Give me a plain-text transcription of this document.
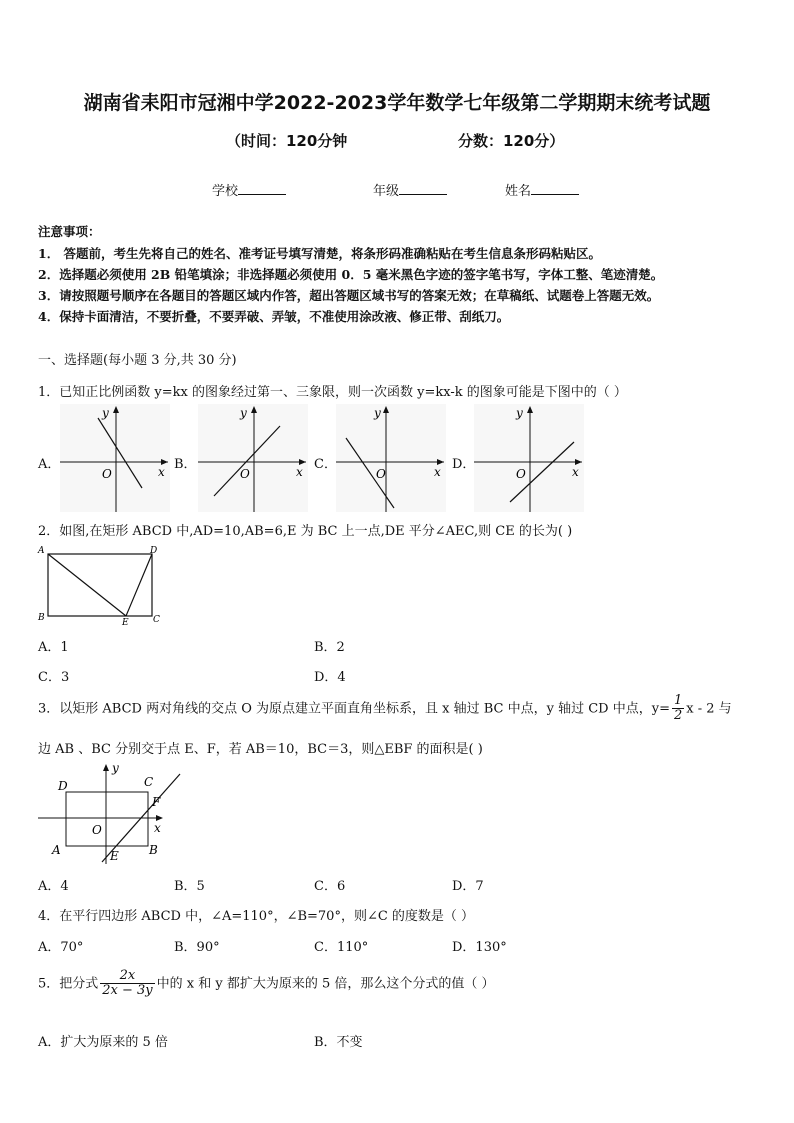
湖南省耒阳市冠湘中学2022-2023学年数学七年级第二学期期末统考试题
（时间：120分钟	分数：120分）
学校	年级	姓名
注意事项：
1． 答题前，考生先将自己的姓名、准考证号填写清楚，将条形码准确粘贴在考生信息条形码粘贴区。
2．选择题必须使用 2B 铅笔填涂；非选择题必须使用 0．5 毫米黑色字迹的签字笔书写，字体工整、笔迹清楚。
3．请按照题号顺序在各题目的答题区域内作答，超出答题区域书写的答案无效；在草稿纸、试题卷上答题无效。
4．保持卡面清洁，不要折叠，不要弄破、弄皱，不准使用涂改液、修正带、刮纸刀。
一、选择题(每小题 3 分,共 30 分)
1．已知正比例函数 y=kx 的图象经过第一、三象限，则一次函数 y=kx-k 的图象可能是下图中的（ ）
A．	B．	C．	D．
y
x
O
y
x
O
y
x
O
y
x
O
2．如图,在矩形 ABCD 中,AD=10,AB=6,E 为 BC 上一点,DE 平分∠AEC,则 CE 的长为( )
A	D
B	C
E
A．1	B．2
C．3	D．4
3．以矩形 ABCD 两对角线的交点 O 为原点建立平面直角坐标系，且 x 轴过 BC 中点，y 轴过 CD 中点，$y= \frac{1}{2}$ x - 2 与
边 AB 、BC 分别交于点 E、F，若 AB＝10，BC＝3，则△EBF 的面积是( )
y
x
O
D	C
F
A	B
E
A．4	B．5	C．6	D．7
4．在平行四边形 ABCD 中，∠A=110°，∠B=70°，则∠C 的度数是（ ）
A．70°	B．90°	C．110°	D．130°
5．把分式 $\frac{2x}{2x - 3y}$ 中的 x 和 y 都扩大为原来的 5 倍，那么这个分式的值（ ）
A．扩大为原来的 5 倍	B．不变
